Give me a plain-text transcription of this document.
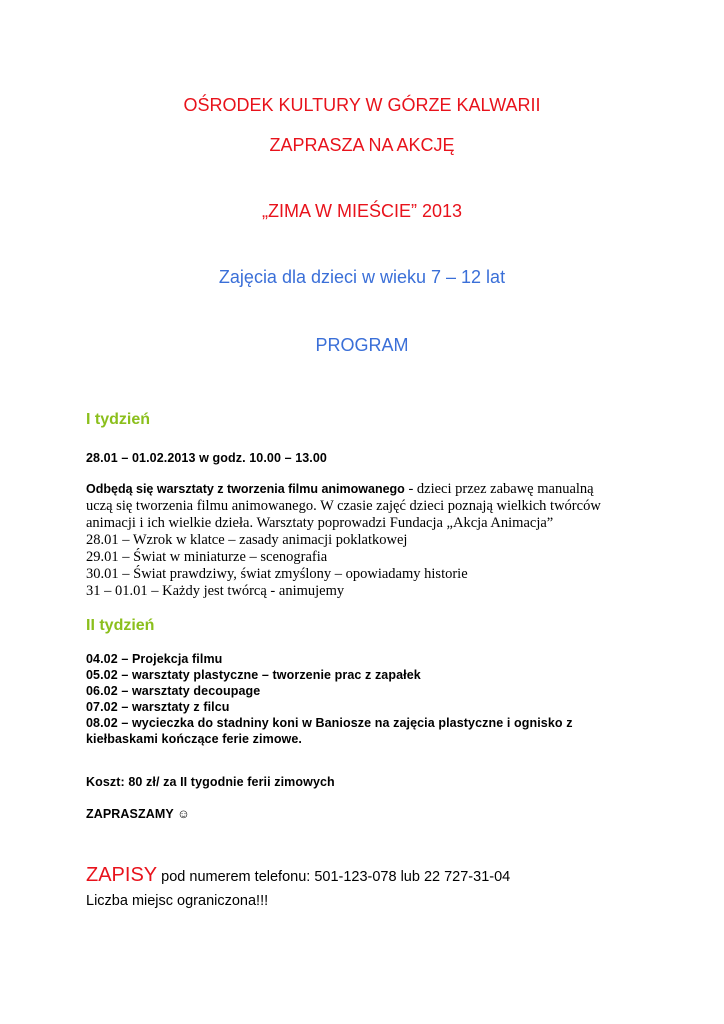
OŚRODEK KULTURY W GÓRZE KALWARII
ZAPRASZA NA AKCJĘ
„ZIMA W MIEŚCIE” 2013
Zajęcia dla dzieci w wieku 7 – 12 lat
PROGRAM
I tydzień
28.01 – 01.02.2013 w godz. 10.00 – 13.00
Odbędą się warsztaty z tworzenia filmu animowanego - dzieci przez zabawę manualną
uczą się tworzenia filmu animowanego. W czasie zajęć dzieci poznają wielkich twórców
animacji i ich wielkie dzieła. Warsztaty poprowadzi Fundacja „Akcja Animacja”
28.01 – Wzrok w klatce – zasady animacji poklatkowej
29.01 – Świat w miniaturze – scenografia
30.01 – Świat prawdziwy, świat zmyślony – opowiadamy historie
31 – 01.01 – Każdy jest twórcą - animujemy
II tydzień
04.02 – Projekcja filmu
05.02 – warsztaty plastyczne – tworzenie prac z zapałek
06.02 – warsztaty decoupage
07.02 – warsztaty z filcu
08.02 – wycieczka do stadniny koni w Baniosze na zajęcia plastyczne i ognisko z
kiełbaskami kończące ferie zimowe.
Koszt: 80 zł/ za II tygodnie ferii zimowych
ZAPRASZAMY ☺
ZAPISY pod numerem telefonu: 501-123-078 lub 22 727-31-04
Liczba miejsc ograniczona!!!
